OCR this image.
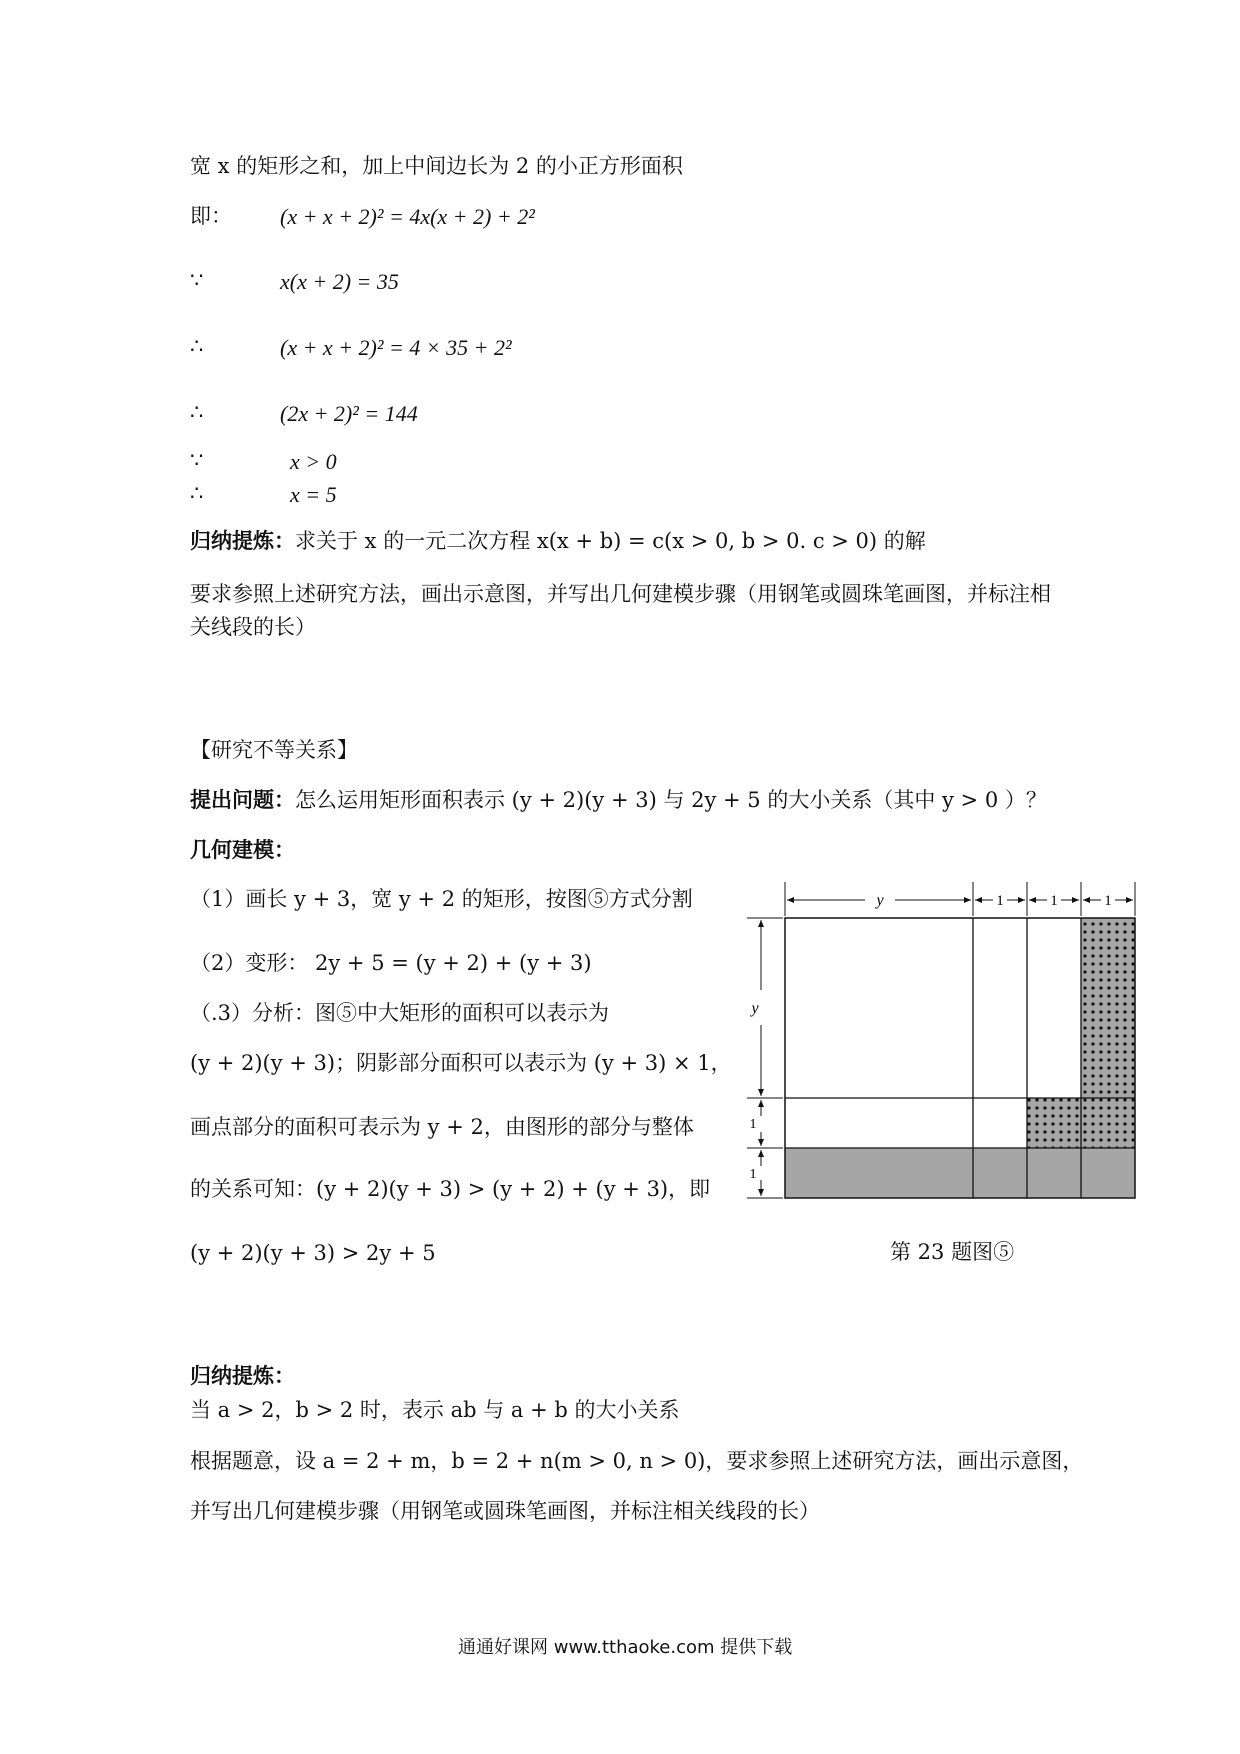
宽 x 的矩形之和，加上中间边长为 2 的小正方形面积
即： (x + x + 2)² = 4x(x + 2) + 2²
∵	x(x + 2) = 35
∴	(x + x + 2)² = 4 × 35 + 2²
∴	(2x + 2)² = 144
∵	x > 0
∴	x = 5
归纳提炼：求关于 x 的一元二次方程 x(x + b) = c(x > 0, b > 0. c > 0) 的解
要求参照上述研究方法，画出示意图，并写出几何建模步骤（用钢笔或圆珠笔画图，并标注相关线段的长）
【研究不等关系】
提出问题：怎么运用矩形面积表示 (y + 2)(y + 3) 与 2y + 5 的大小关系（其中 y > 0 ）？
几何建模：
（1）画长 y + 3，宽 y + 2 的矩形，按图⑤方式分割
（2）变形： 2y + 5 = (y + 2) + (y + 3)
（.3）分析：图⑤中大矩形的面积可以表示为
(y + 2)(y + 3)；阴影部分面积可以表示为 (y + 3) × 1，
画点部分的面积可表示为 y + 2，由图形的部分与整体
的关系可知：(y + 2)(y + 3) > (y + 2) + (y + 3)，即
(y + 2)(y + 3) > 2y + 5
y	1	1	1
y
1
1
第 23 题图⑤
归纳提炼：
当 a > 2，b > 2 时，表示 ab 与 a + b 的大小关系
根据题意，设 a = 2 + m，b = 2 + n(m > 0, n > 0)，要求参照上述研究方法，画出示意图，
并写出几何建模步骤（用钢笔或圆珠笔画图，并标注相关线段的长）
通通好课网 www.tthaoke.com 提供下载
